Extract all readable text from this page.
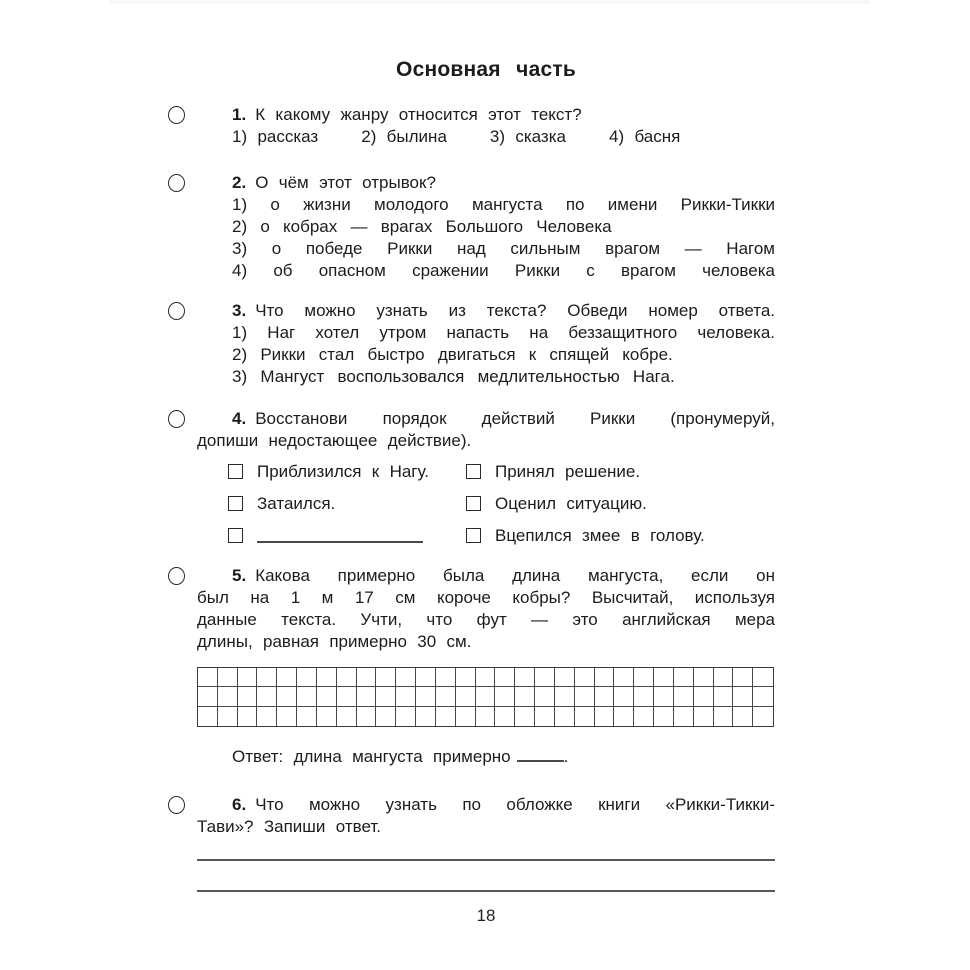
Основная часть
1. К какому жанру относится этот текст?
1) рассказ	2) былина	3) сказка	4) басня
2. О чём этот отрывок?
1) о жизни молодого мангуста по имени Рикки-Тикки
2) о кобрах — врагах Большого Человека
3) о победе Рикки над сильным врагом — Нагом
4) об опасном сражении Рикки с врагом человека
3. Что можно узнать из текста? Обведи номер ответа.
1) Наг хотел утром напасть на беззащитного человека.
2) Рикки стал быстро двигаться к спящей кобре.
3) Мангуст воспользовался медлительностью Нага.
4. Восстанови порядок действий Рикки (пронумеруй,
допиши недостающее действие).
Приблизился к Нагу.	Принял решение.
Затаился.	Оценил ситуацию.
Вцепился змее в голову.
5. Какова примерно была длина мангуста, если он
был на 1 м 17 см короче кобры? Высчитай, используя
данные текста. Учти, что фут — это английская мера
длины, равная примерно 30 см.
Ответ: длина мангуста примерно	.
6. Что можно узнать по обложке книги «Рикки-Тикки-
Тави»? Запиши ответ.
18
